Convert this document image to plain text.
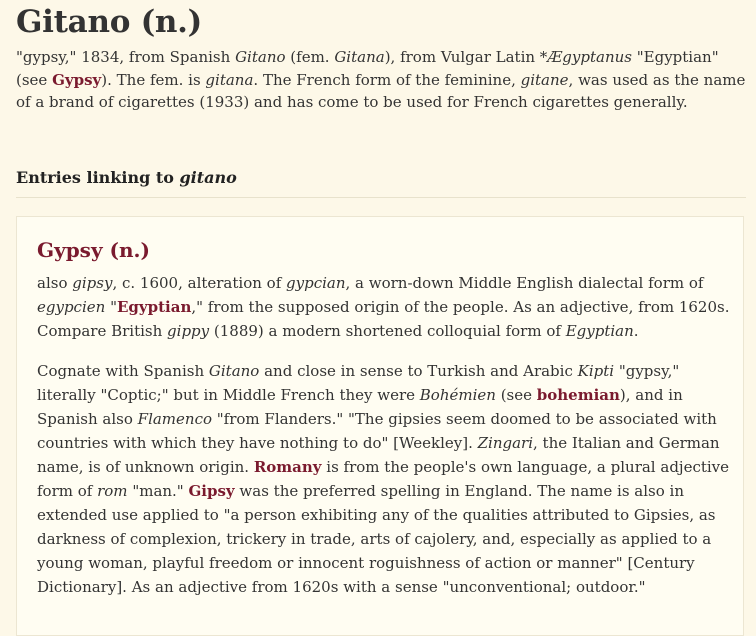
Gitano (n.)

"gypsy," 1834, from Spanish Gitano (fem. Gitana), from Vulgar Latin *Ægyptanus "Egyptian" (see Gypsy). The fem. is gitana. The French form of the feminine, gitane, was used as the name of a brand of cigarettes (1933) and has come to be used for French cigarettes generally.

Entries linking to gitano
Gypsy (n.)

also gipsy, c. 1600, alteration of gypcian, a worn-down Middle English dialectal form of egypcien "Egyptian," from the supposed origin of the people. As an adjective, from 1620s. Compare British gippy (1889) a modern shortened colloquial form of Egyptian.

Cognate with Spanish Gitano and close in sense to Turkish and Arabic Kipti "gypsy," literally "Coptic;" but in Middle French they were Bohémien (see bohemian), and in Spanish also Flamenco "from Flanders." "The gipsies seem doomed to be associated with countries with which they have nothing to do" [Weekley]. Zingari, the Italian and German name, is of unknown origin. Romany is from the people's own language, a plural adjective form of rom "man." Gipsy was the preferred spelling in England. The name is also in extended use applied to "a person exhibiting any of the qualities attributed to Gipsies, as darkness of complexion, trickery in trade, arts of cajolery, and, especially as applied to a young woman, playful freedom or innocent roguishness of action or manner" [Century Dictionary]. As an adjective from 1620s with a sense "unconventional; outdoor."
